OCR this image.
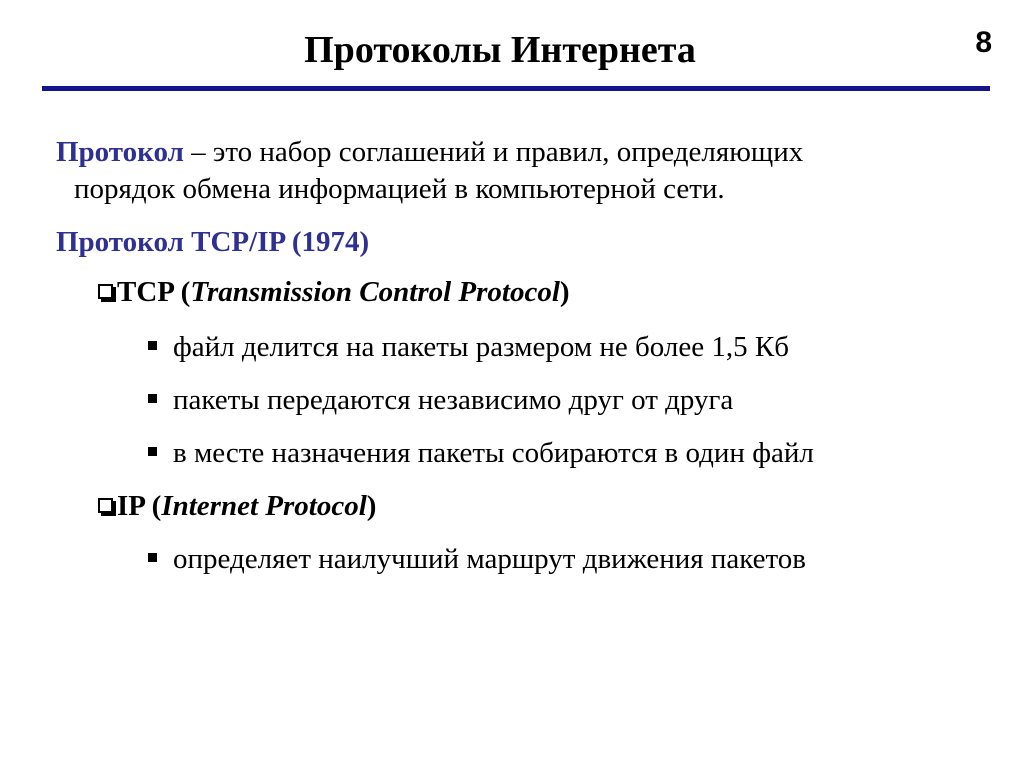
Протоколы Интернета	8
Протокол – это набор соглашений и правил, определяющих
порядок обмена информацией в компьютерной сети.
Протокол TCP/IP (1974)
TCP (Transmission Control Protocol)
файл делится на пакеты размером не более 1,5 Кб
пакеты передаются независимо друг от друга
в месте назначения пакеты собираются в один файл
IP (Internet Protocol)
определяет наилучший маршрут движения пакетов
